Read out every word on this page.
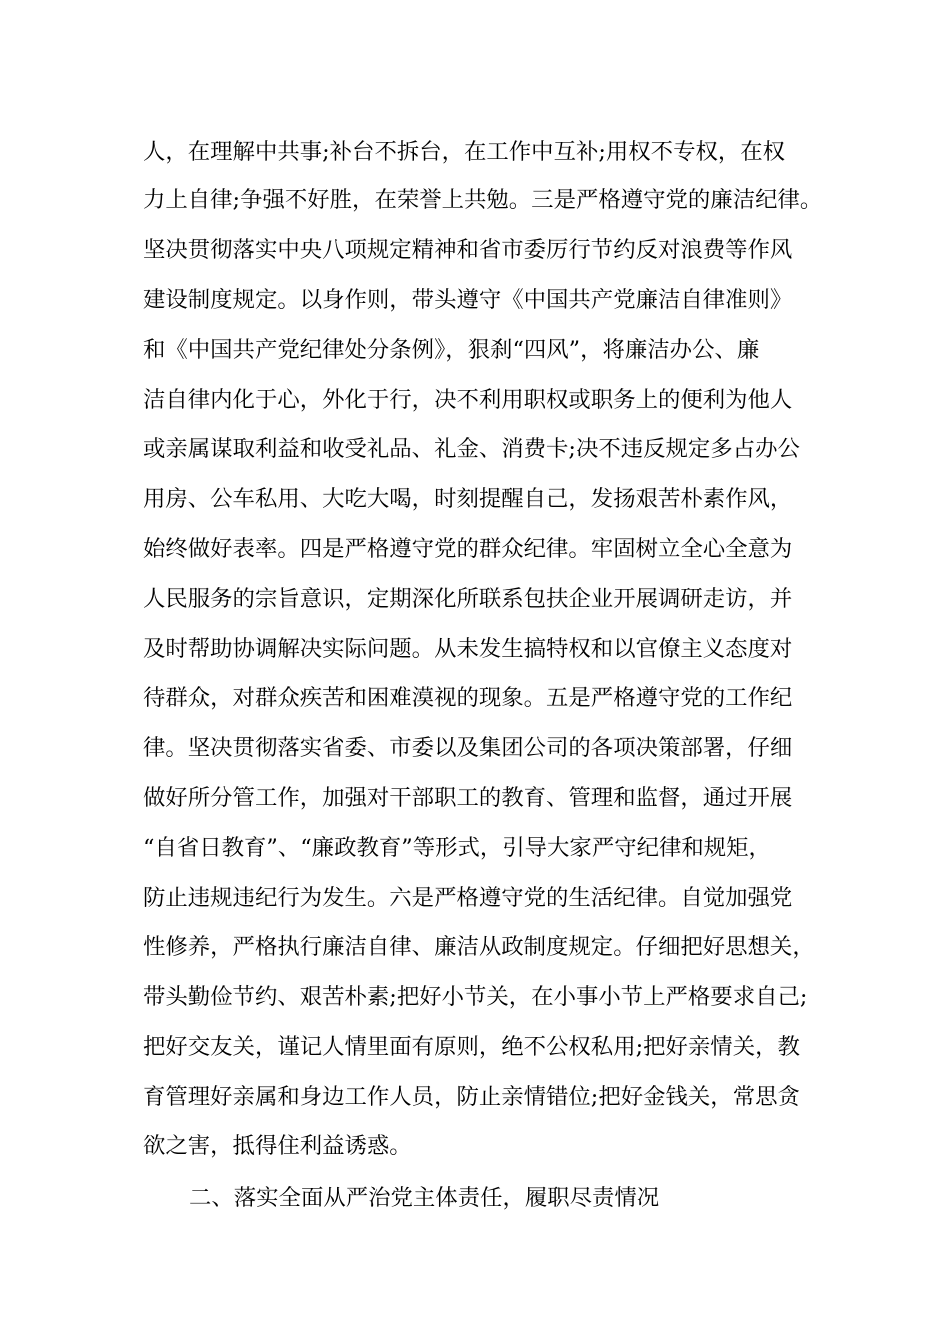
人，在理解中共事;补台不拆台，在工作中互补;用权不专权，在权
力上自律;争强不好胜，在荣誉上共勉。三是严格遵守党的廉洁纪律。
坚决贯彻落实中央八项规定精神和省市委厉行节约反对浪费等作风
建设制度规定。以身作则，带头遵守《中国共产党廉洁自律准则》
和《中国共产党纪律处分条例》，狠刹“四风”，将廉洁办公、廉
洁自律内化于心，外化于行，决不利用职权或职务上的便利为他人
或亲属谋取利益和收受礼品、礼金、消费卡;决不违反规定多占办公
用房、公车私用、大吃大喝，时刻提醒自己，发扬艰苦朴素作风，
始终做好表率。四是严格遵守党的群众纪律。牢固树立全心全意为
人民服务的宗旨意识，定期深化所联系包扶企业开展调研走访，并
及时帮助协调解决实际问题。从未发生搞特权和以官僚主义态度对
待群众，对群众疾苦和困难漠视的现象。五是严格遵守党的工作纪
律。坚决贯彻落实省委、市委以及集团公司的各项决策部署，仔细
做好所分管工作，加强对干部职工的教育、管理和监督，通过开展
“自省日教育”、“廉政教育”等形式，引导大家严守纪律和规矩，
防止违规违纪行为发生。六是严格遵守党的生活纪律。自觉加强党
性修养，严格执行廉洁自律、廉洁从政制度规定。仔细把好思想关，
带头勤俭节约、艰苦朴素;把好小节关，在小事小节上严格要求自己;
把好交友关，谨记人情里面有原则，绝不公权私用;把好亲情关，教
育管理好亲属和身边工作人员，防止亲情错位;把好金钱关，常思贪
欲之害，抵得住利益诱惑。
二、落实全面从严治党主体责任，履职尽责情况
